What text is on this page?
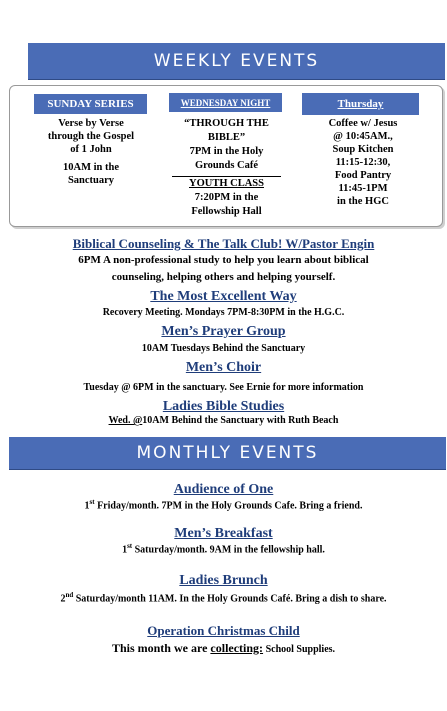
WEEKLY EVENTS
SUNDAY SERIES	WEDNESDAY NIGHT	Thursday
Verse by Verse
through the Gospel
of 1 John
10AM in the
Sanctuary
“THROUGH THE
BIBLE”
7PM in the Holy
Grounds Café
YOUTH CLASS
7:20PM in the
Fellowship Hall
Coffee w/ Jesus
@ 10:45AM.,
Soup Kitchen
11:15-12:30,
Food Pantry
11:45-1PM
in the HGC
Biblical Counseling & The Talk Club! W/Pastor Engin
6PM A non-professional study to help you learn about biblical
counseling, helping others and helping yourself.
The Most Excellent Way
Recovery Meeting. Mondays 7PM-8:30PM in the H.G.C.
Men’s Prayer Group
10AM Tuesdays Behind the Sanctuary
Men’s Choir
Tuesday @ 6PM in the sanctuary. See Ernie for more information
Ladies Bible Studies
Wed. @10AM Behind the Sanctuary with Ruth Beach
MONTHLY EVENTS
Audience of One
1st Friday/month. 7PM in the Holy Grounds Cafe. Bring a friend.
Men’s Breakfast
1st Saturday/month. 9AM in the fellowship hall.
Ladies Brunch
2nd Saturday/month 11AM. In the Holy Grounds Café. Bring a dish to share.
Operation Christmas Child
This month we are collecting: School Supplies.
